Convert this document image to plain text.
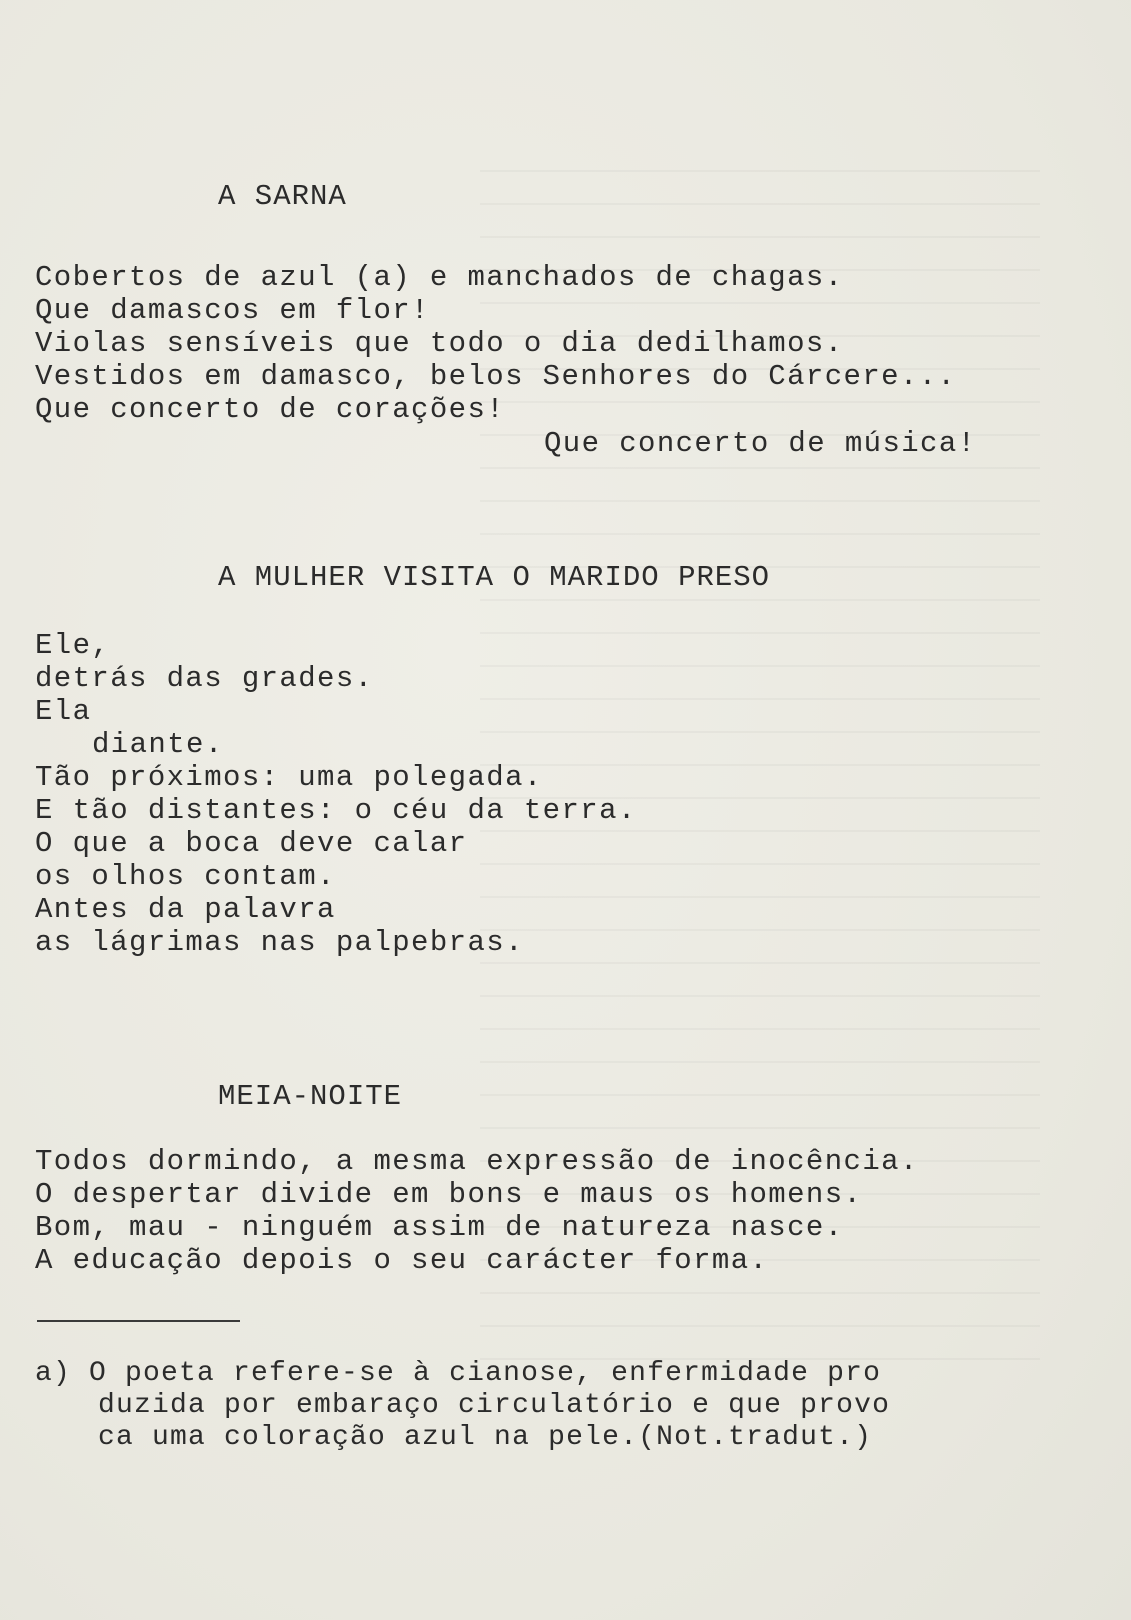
A SARNA
Cobertos de azul (a) e manchados de chagas.
Que damascos em flor!
Violas sensíveis que todo o dia dedilhamos.
Vestidos em damasco, belos Senhores do Cárcere...
Que concerto de corações!
Que concerto de música!
A MULHER VISITA O MARIDO PRESO
Ele,
detrás das grades.
Ela
diante.
Tão próximos: uma polegada.
E tão distantes: o céu da terra.
O que a boca deve calar
os olhos contam.
Antes da palavra
as lágrimas nas palpebras.
MEIA-NOITE
Todos dormindo, a mesma expressão de inocência.
O despertar divide em bons e maus os homens.
Bom, mau - ninguém assim de natureza nasce.
A educação depois o seu carácter forma.
a) O poeta refere-se à cianose, enfermidade pro
duzida por embaraço circulatório e que provo
ca uma coloração azul na pele.(Not.tradut.)
